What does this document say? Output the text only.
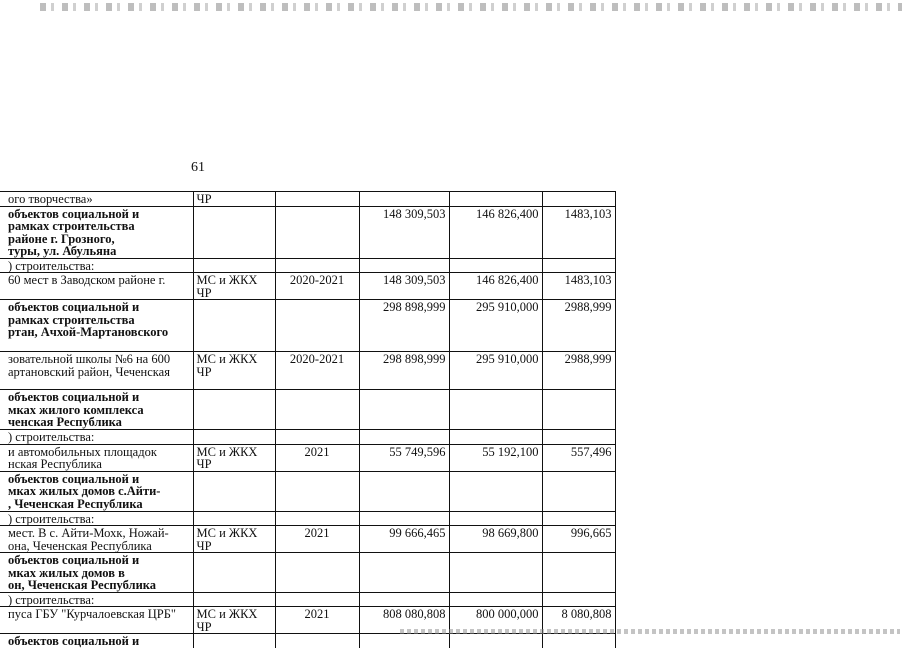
61
ого творчества»	ЧР				

объектов социальной и
рамках строительства
районе г. Грозного,
туры, ул. Абульяна			148 309,503	146 826,400	1483,103

) строительства:					

60 мест в Заводском районе г.	МС и ЖКХ ЧР	2020-2021	148 309,503	146 826,400	1483,103

объектов социальной и
рамках строительства
ртан, Ачхой-Мартановского			298 898,999	295 910,000	2988,999

зовательной школы №6 на 600
артановский район, Чеченская	МС и ЖКХ ЧР	2020-2021	298 898,999	295 910,000	2988,999

объектов социальной и
мках жилого комплекса
ченская Республика					

) строительства:					

и автомобильных площадок
нская Республика	МС и ЖКХ ЧР	2021	55 749,596	55 192,100	557,496

объектов социальной и
мках жилых домов с.Айти-
, Чеченская Республика					

) строительства:					

мест. В с. Айти-Мохк, Ножай-
она, Чеченская Республика	МС и ЖКХ ЧР	2021	99 666,465	98 669,800	996,665

объектов социальной и
мках жилых домов в
он, Чеченская Республика					

) строительства:					

пуса ГБУ "Курчалоевская ЦРБ"	МС и ЖКХ ЧР	2021	808 080,808	800 000,000	8 080,808

объектов социальной и					
